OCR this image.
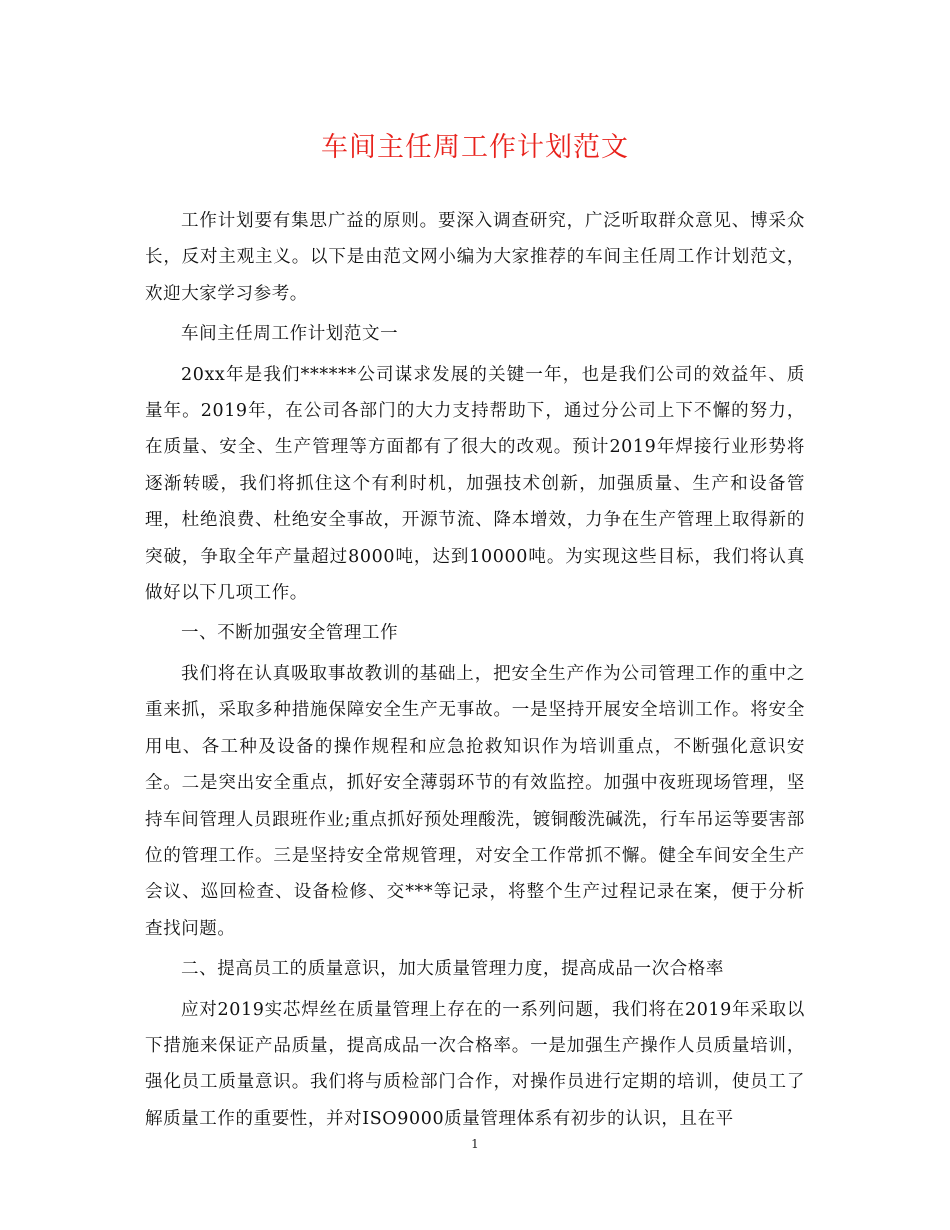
车间主任周工作计划范文

工作计划要有集思广益的原则。要深入调查研究，广泛听取群众意见、博采众长，反对主观主义。以下是由范文网小编为大家推荐的车间主任周工作计划范文，欢迎大家学习参考。

车间主任周工作计划范文一

20xx年是我们******公司谋求发展的关键一年，也是我们公司的效益年、质量年。2019年，在公司各部门的大力支持帮助下，通过分公司上下不懈的努力，在质量、安全、生产管理等方面都有了很大的改观。预计2019年焊接行业形势将逐渐转暖，我们将抓住这个有利时机，加强技术创新，加强质量、生产和设备管理，杜绝浪费、杜绝安全事故，开源节流、降本增效，力争在生产管理上取得新的突破，争取全年产量超过8000吨，达到10000吨。为实现这些目标，我们将认真做好以下几项工作。

一、不断加强安全管理工作

我们将在认真吸取事故教训的基础上，把安全生产作为公司管理工作的重中之重来抓，采取多种措施保障安全生产无事故。一是坚持开展安全培训工作。将安全用电、各工种及设备的操作规程和应急抢救知识作为培训重点，不断强化意识安全。二是突出安全重点，抓好安全薄弱环节的有效监控。加强中夜班现场管理，坚持车间管理人员跟班作业;重点抓好预处理酸洗，镀铜酸洗碱洗，行车吊运等要害部位的管理工作。三是坚持安全常规管理，对安全工作常抓不懈。健全车间安全生产会议、巡回检查、设备检修、交***等记录，将整个生产过程记录在案，便于分析查找问题。

二、提高员工的质量意识，加大质量管理力度，提高成品一次合格率

应对2019实芯焊丝在质量管理上存在的一系列问题，我们将在2019年采取以下措施来保证产品质量，提高成品一次合格率。一是加强生产操作人员质量培训，强化员工质量意识。我们将与质检部门合作，对操作员进行定期的培训，使员工了解质量工作的重要性，并对ISO9000质量管理体系有初步的认识，且在平

1
